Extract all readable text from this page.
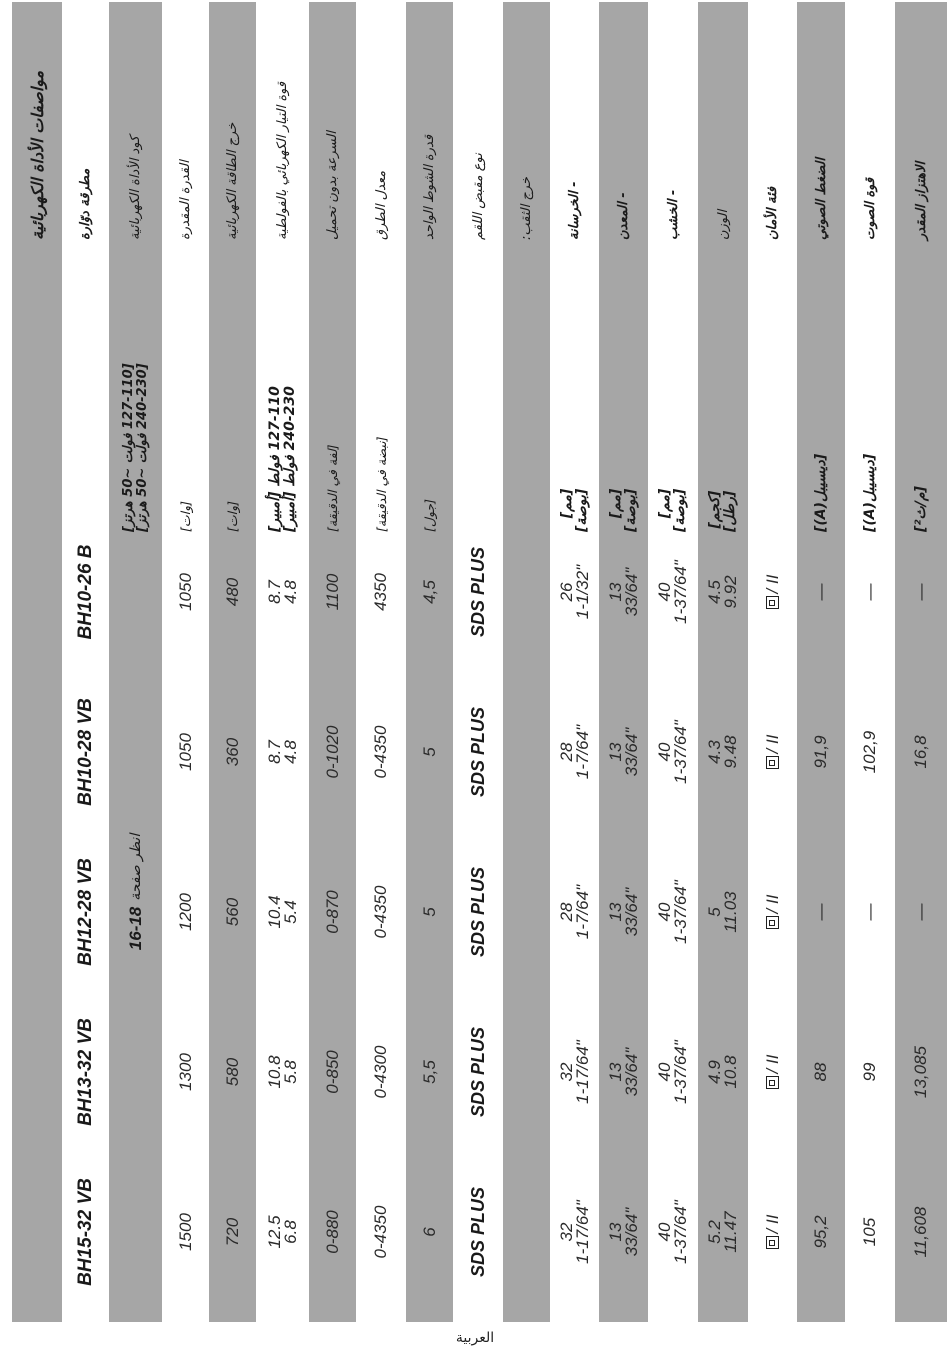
مواصفات الأداة الكهربائية
BH15-32 VB
BH13-32 VB
BH12-28 VB
BH10-28 VB
BH10-26 B
مطرقة دوّارة
انظر صفحة
16-18
[127-110 فولت ~50 هرتز]
[240-230 فولت ~50 هرتز]
كود الأداة الكهربائية
1500
1300
1200
1050
1050
[وات]
القدرة المقدرة
720
580
560
360
480
[وات]
خرج الطاقة الكهربائية
12.5
6.8
10.8
5.8
10.4
5.4
8.7
4.8
8.7
4.8
127-110 فولط [أمبير]
240-230 فولط [أمبير]
قوة التيار الكهربائي بالفولطية
0-880
0-850
0-870
0-1020
1100
[لفة في الدقيقة]
السرعة بدون تحميل
0-4350
0-4300
0-4350
0-4350
4350
[نبضة في الدقيقة]
معدل الطرق
6
5,5
5
5
4,5
[جول]
قدرة الشوط الواحد
SDS PLUS
SDS PLUS
SDS PLUS
SDS PLUS
SDS PLUS
نوع مقبض اللقم	خرج الثقب:
32
1-17/64"
32
1-17/64"
28
1-7/64"
28
1-7/64"
26
1-1/32"
[مم]
[بوصة]
- الخرسانة
13
33/64"
13
33/64"
13
33/64"
13
33/64"
13
33/64"
[مم]
[بوصة]
- المعدن
40
1-37/64"
40
1-37/64"
40
1-37/64"
40
1-37/64"
40
1-37/64"
[مم]
[بوصة]
- الخشب
5.2
11.47
4.9
10.8
5
11.03
4.3
9.48
4.5
9.92
[كجم]
[رطل]
الوزن
/ II
/ II
/ II
/ II
/ II
فئة الأمان
95,2
88
—
91,9
—
[ديسيبل(A)]
الضغط الصوتي
105
99
—
102,9
—
[ديسيبل(A)]
قوة الصوت
11,608
13,085
—
16,8
—
[م/ث²]
الاهتزاز المقدر
العربية
